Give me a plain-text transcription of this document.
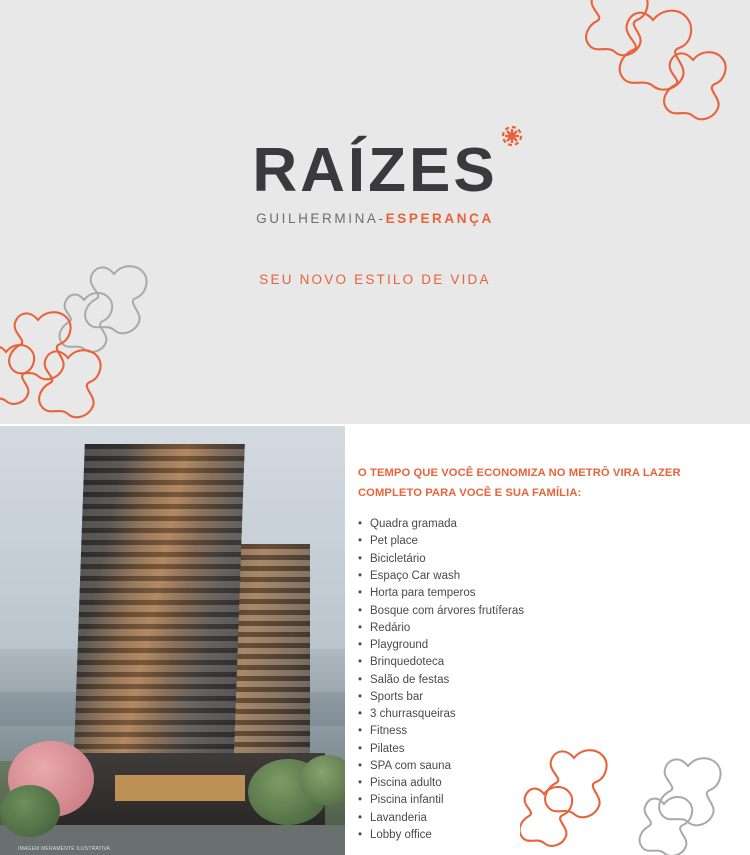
RAÍZES
GUILHERMINA-ESPERANÇA
SEU NOVO ESTILO DE VIDA
IMAGEM MERAMENTE ILUSTRATIVA
O TEMPO QUE VOCÊ ECONOMIZA NO METRÔ VIRA LAZER COMPLETO PARA VOCÊ E SUA FAMÍLIA:
• Quadra gramada
• Pet place
• Bicicletário
• Espaço Car wash
• Horta para temperos
• Bosque com árvores frutíferas
• Redário
• Playground
• Brinquedoteca
• Salão de festas
• Sports bar
• 3 churrasqueiras
• Fitness
• Pilates
• SPA com sauna
• Piscina adulto
• Piscina infantil
• Lavanderia
• Lobby office
